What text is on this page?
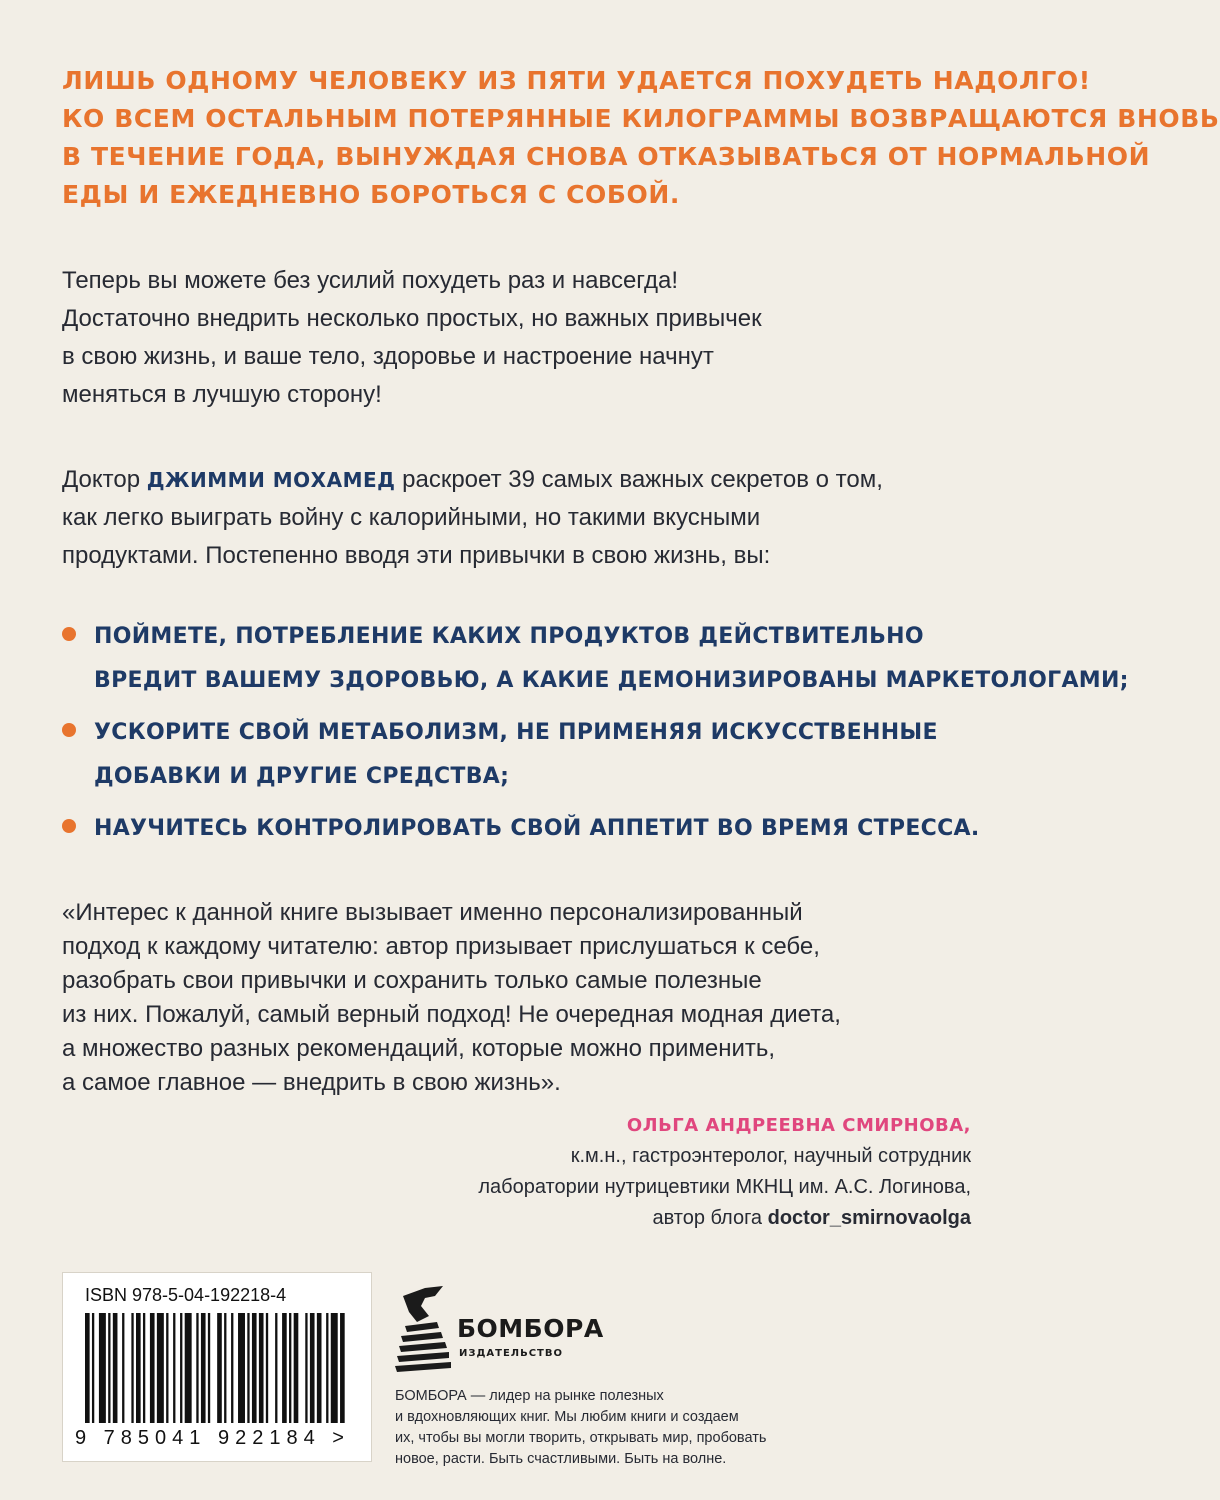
ЛИШЬ ОДНОМУ ЧЕЛОВЕКУ ИЗ ПЯТИ УДАЕТСЯ ПОХУДЕТЬ НАДОЛГО!
КО ВСЕМ ОСТАЛЬНЫМ ПОТЕРЯННЫЕ КИЛОГРАММЫ ВОЗВРАЩАЮТСЯ ВНОВЬ
В ТЕЧЕНИЕ ГОДА, ВЫНУЖДАЯ СНОВА ОТКАЗЫВАТЬСЯ ОТ НОРМАЛЬНОЙ
ЕДЫ И ЕЖЕДНЕВНО БОРОТЬСЯ С СОБОЙ.
Теперь вы можете без усилий похудеть раз и навсегда!
Достаточно внедрить несколько простых, но важных привычек
в свою жизнь, и ваше тело, здоровье и настроение начнут
меняться в лучшую сторону!
Доктор ДЖИММИ МОХАМЕД раскроет 39 самых важных секретов о том,
как легко выиграть войну с калорийными, но такими вкусными
продуктами. Постепенно вводя эти привычки в свою жизнь, вы:
ПОЙМЕТЕ, ПОТРЕБЛЕНИЕ КАКИХ ПРОДУКТОВ ДЕЙСТВИТЕЛЬНО
ВРЕДИТ ВАШЕМУ ЗДОРОВЬЮ, А КАКИЕ ДЕМОНИЗИРОВАНЫ МАРКЕТОЛОГАМИ;
УСКОРИТЕ СВОЙ МЕТАБОЛИЗМ, НЕ ПРИМЕНЯЯ ИСКУССТВЕННЫЕ
ДОБАВКИ И ДРУГИЕ СРЕДСТВА;
НАУЧИТЕСЬ КОНТРОЛИРОВАТЬ СВОЙ АППЕТИТ ВО ВРЕМЯ СТРЕССА.
«Интерес к данной книге вызывает именно персонализированный
подход к каждому читателю: автор призывает прислушаться к себе,
разобрать свои привычки и сохранить только самые полезные
из них. Пожалуй, самый верный подход! Не очередная модная диета,
а множество разных рекомендаций, которые можно применить,
а самое главное — внедрить в свою жизнь».
ОЛЬГА АНДРЕЕВНА СМИРНОВА,
к.м.н., гастроэнтеролог, научный сотрудник
лаборатории нутрицевтики МКНЦ им. А.С. Логинова,
автор блога doctor_smirnovaolga
ISBN 978-5-04-192218-4
9 785041 922184 >
БОМБОРА
ИЗДАТЕЛЬСТВО
БОМБОРА — лидер на рынке полезных
и вдохновляющих книг. Мы любим книги и создаем
их, чтобы вы могли творить, открывать мир, пробовать
новое, расти. Быть счастливыми. Быть на волне.
